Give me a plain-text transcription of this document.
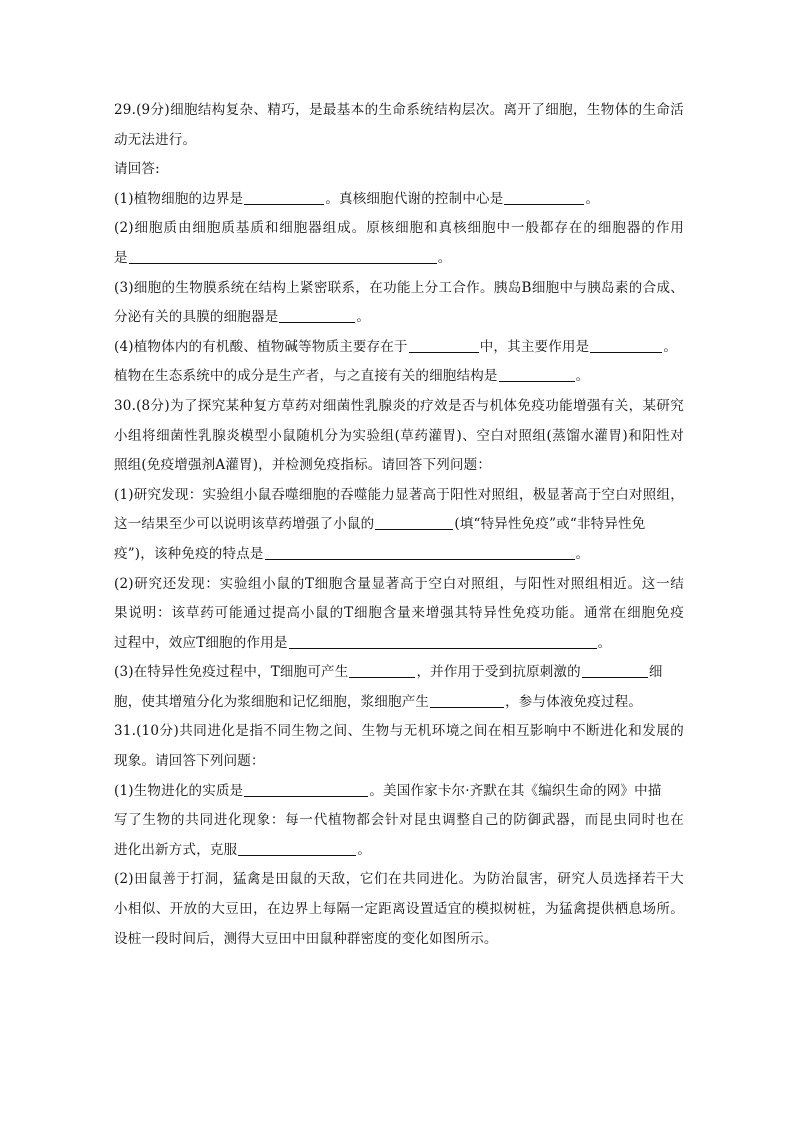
29.(9分)细胞结构复杂、精巧，是最基本的生命系统结构层次。离开了细胞，生物体的生命活
动无法进行。
请回答:
(1)植物细胞的边界是	。真核细胞代谢的控制中心是	。
(2)细胞质由细胞质基质和细胞器组成。原核细胞和真核细胞中一般都存在的细胞器的作用
是	。
(3)细胞的生物膜系统在结构上紧密联系，在功能上分工合作。胰岛B细胞中与胰岛素的合成、
分泌有关的具膜的细胞器是	。
(4)植物体内的有机酸、植物碱等物质主要存在于	中，其主要作用是	。
植物在生态系统中的成分是生产者，与之直接有关的细胞结构是	。
30.(8分)为了探究某种复方草药对细菌性乳腺炎的疗效是否与机体免疫功能增强有关，某研究
小组将细菌性乳腺炎模型小鼠随机分为实验组(草药灌胃)、空白对照组(蒸馏水灌胃)和阳性对
照组(免疫增强剂A灌胃)，并检测免疫指标。请回答下列问题：
(1)研究发现：实验组小鼠吞噬细胞的吞噬能力显著高于阳性对照组，极显著高于空白对照组，
这一结果至少可以说明该草药增强了小鼠的	(填“特异性免疫”或“非特异性免
疫”)，该种免疫的特点是	。
(2)研究还发现：实验组小鼠的T细胞含量显著高于空白对照组，与阳性对照组相近。这一结
果说明：该草药可能通过提高小鼠的T细胞含量来增强其特异性免疫功能。通常在细胞免疫
过程中，效应T细胞的作用是	。
(3)在特异性免疫过程中，T细胞可产生	，并作用于受到抗原刺激的	细
胞，使其增殖分化为浆细胞和记忆细胞，浆细胞产生	，参与体液免疫过程。
31.(10分)共同进化是指不同生物之间、生物与无机环境之间在相互影响中不断进化和发展的
现象。请回答下列问题：
(1)生物进化的实质是	。美国作家卡尔·齐默在其《编织生命的网》中描
写了生物的共同进化现象：每一代植物都会针对昆虫调整自己的防御武器，而昆虫同时也在
进化出新方式，克服	。
(2)田鼠善于打洞，猛禽是田鼠的天敌，它们在共同进化。为防治鼠害，研究人员选择若干大
小相似、开放的大豆田，在边界上每隔一定距离设置适宜的模拟树桩，为猛禽提供栖息场所。
设桩一段时间后，测得大豆田中田鼠种群密度的变化如图所示。
